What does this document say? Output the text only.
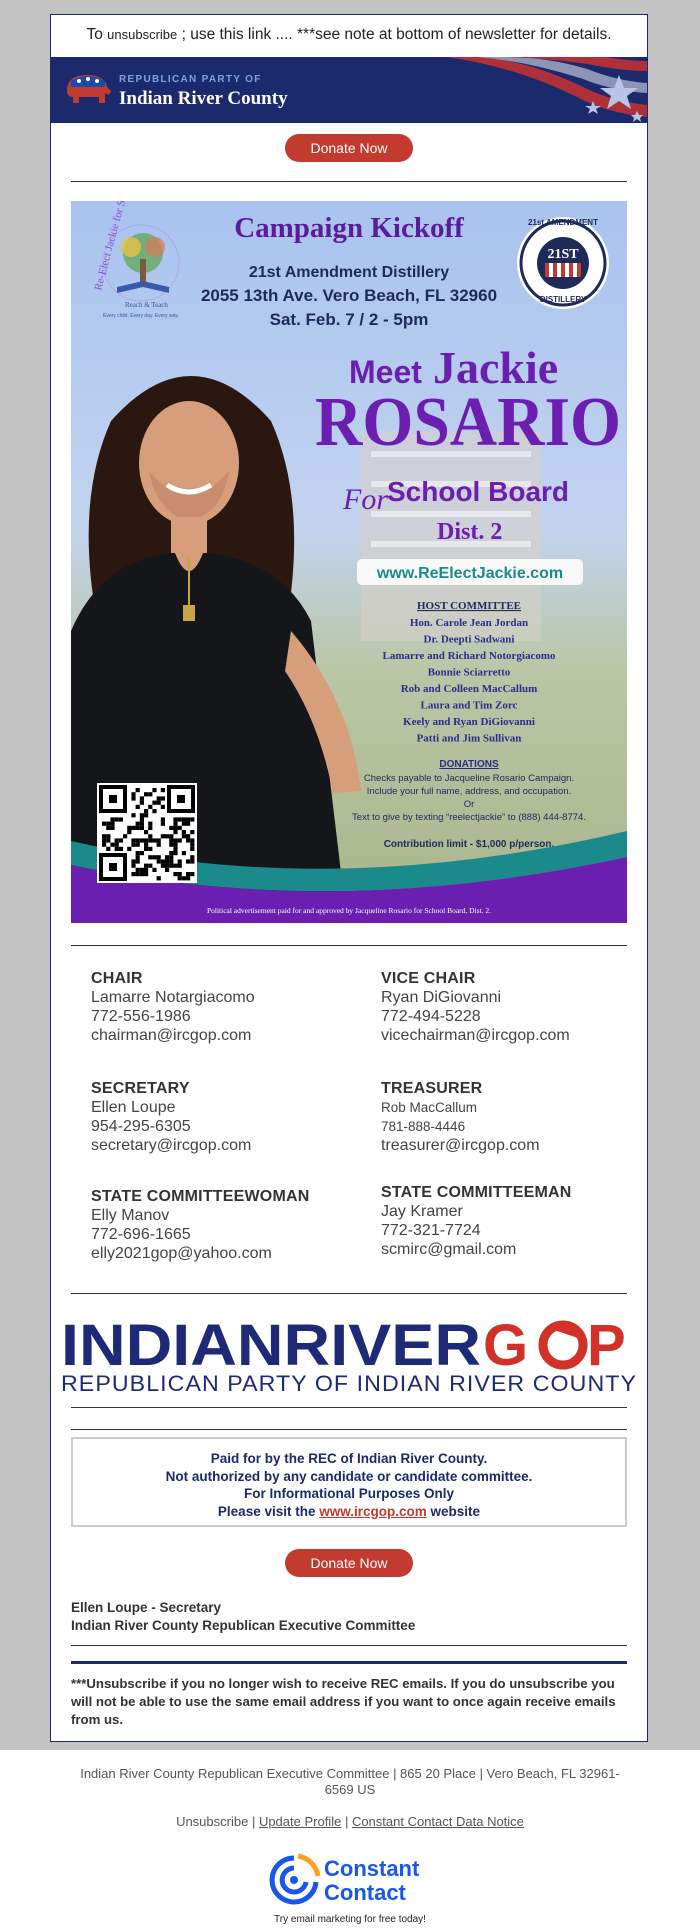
To unsubscribe ; use this link .... ***see note at bottom of newsletter for details.
REPUBLICAN PARTY OF
Indian River County
Donate Now
Reach & Teach
Every child. Every day. Every way.
Campaign Kickoff
21st Amendment Distillery
2055 13th Ave. Vero Beach, FL 32960
Sat. Feb. 7 / 2 - 5pm
21st AMENDMENT
21ST
DISTILLERY
Meet Jackie
ROSARIO
For School Board
Dist. 2
www.ReElectJackie.com
HOST COMMITTEE
Hon. Carole Jean Jordan
Dr. Deepti Sadwani
Lamarre and Richard Notorgiacomo
Bonnie Sciarretto
Rob and Colleen MacCallum
Laura and Tim Zorc
Keely and Ryan DiGiovanni
Patti and Jim Sullivan
DONATIONS
Checks payable to Jacqueline Rosario Campaign.
Include your full name, address, and occupation.
Or
Text to give by texting “reelectjackie” to (888) 444-8774.
Contribution limit - $1,000 p/person.
Political advertisement paid for and approved by Jacqueline Rosario for School Board, Dist. 2.
CHAIR
Lamarre Notargiacomo
772-556-1986
chairman@ircgop.com
VICE CHAIR
Ryan DiGiovanni
772-494-5228
vicechairman@ircgop.com
SECRETARY
Ellen Loupe
954-295-6305
secretary@ircgop.com
TREASURER
Rob MacCallum
781-888-4446
treasurer@ircgop.com
STATE COMMITTEEWOMAN
Elly Manov
772-696-1665
elly2021gop@yahoo.com
STATE COMMITTEEMAN
Jay Kramer
772-321-7724
scmirc@gmail.com
INDIANRIVER G P
REPUBLICAN PARTY OF INDIAN RIVER COUNTY
Paid for by the REC of Indian River County.
Not authorized by any candidate or candidate committee.
For Informational Purposes Only
Please visit the www.ircgop.com website
Donate Now
Ellen Loupe - Secretary
Indian River County Republican Executive Committee
***Unsubscribe if you no longer wish to receive REC emails. If you do unsubscribe you will not be able to use the same email address if you want to once again receive emails from us.
Indian River County Republican Executive Committee | 865 20 Place | Vero Beach, FL 32961-6569 US
Unsubscribe | Update Profile | Constant Contact Data Notice
Constant
Contact
Try email marketing for free today!
